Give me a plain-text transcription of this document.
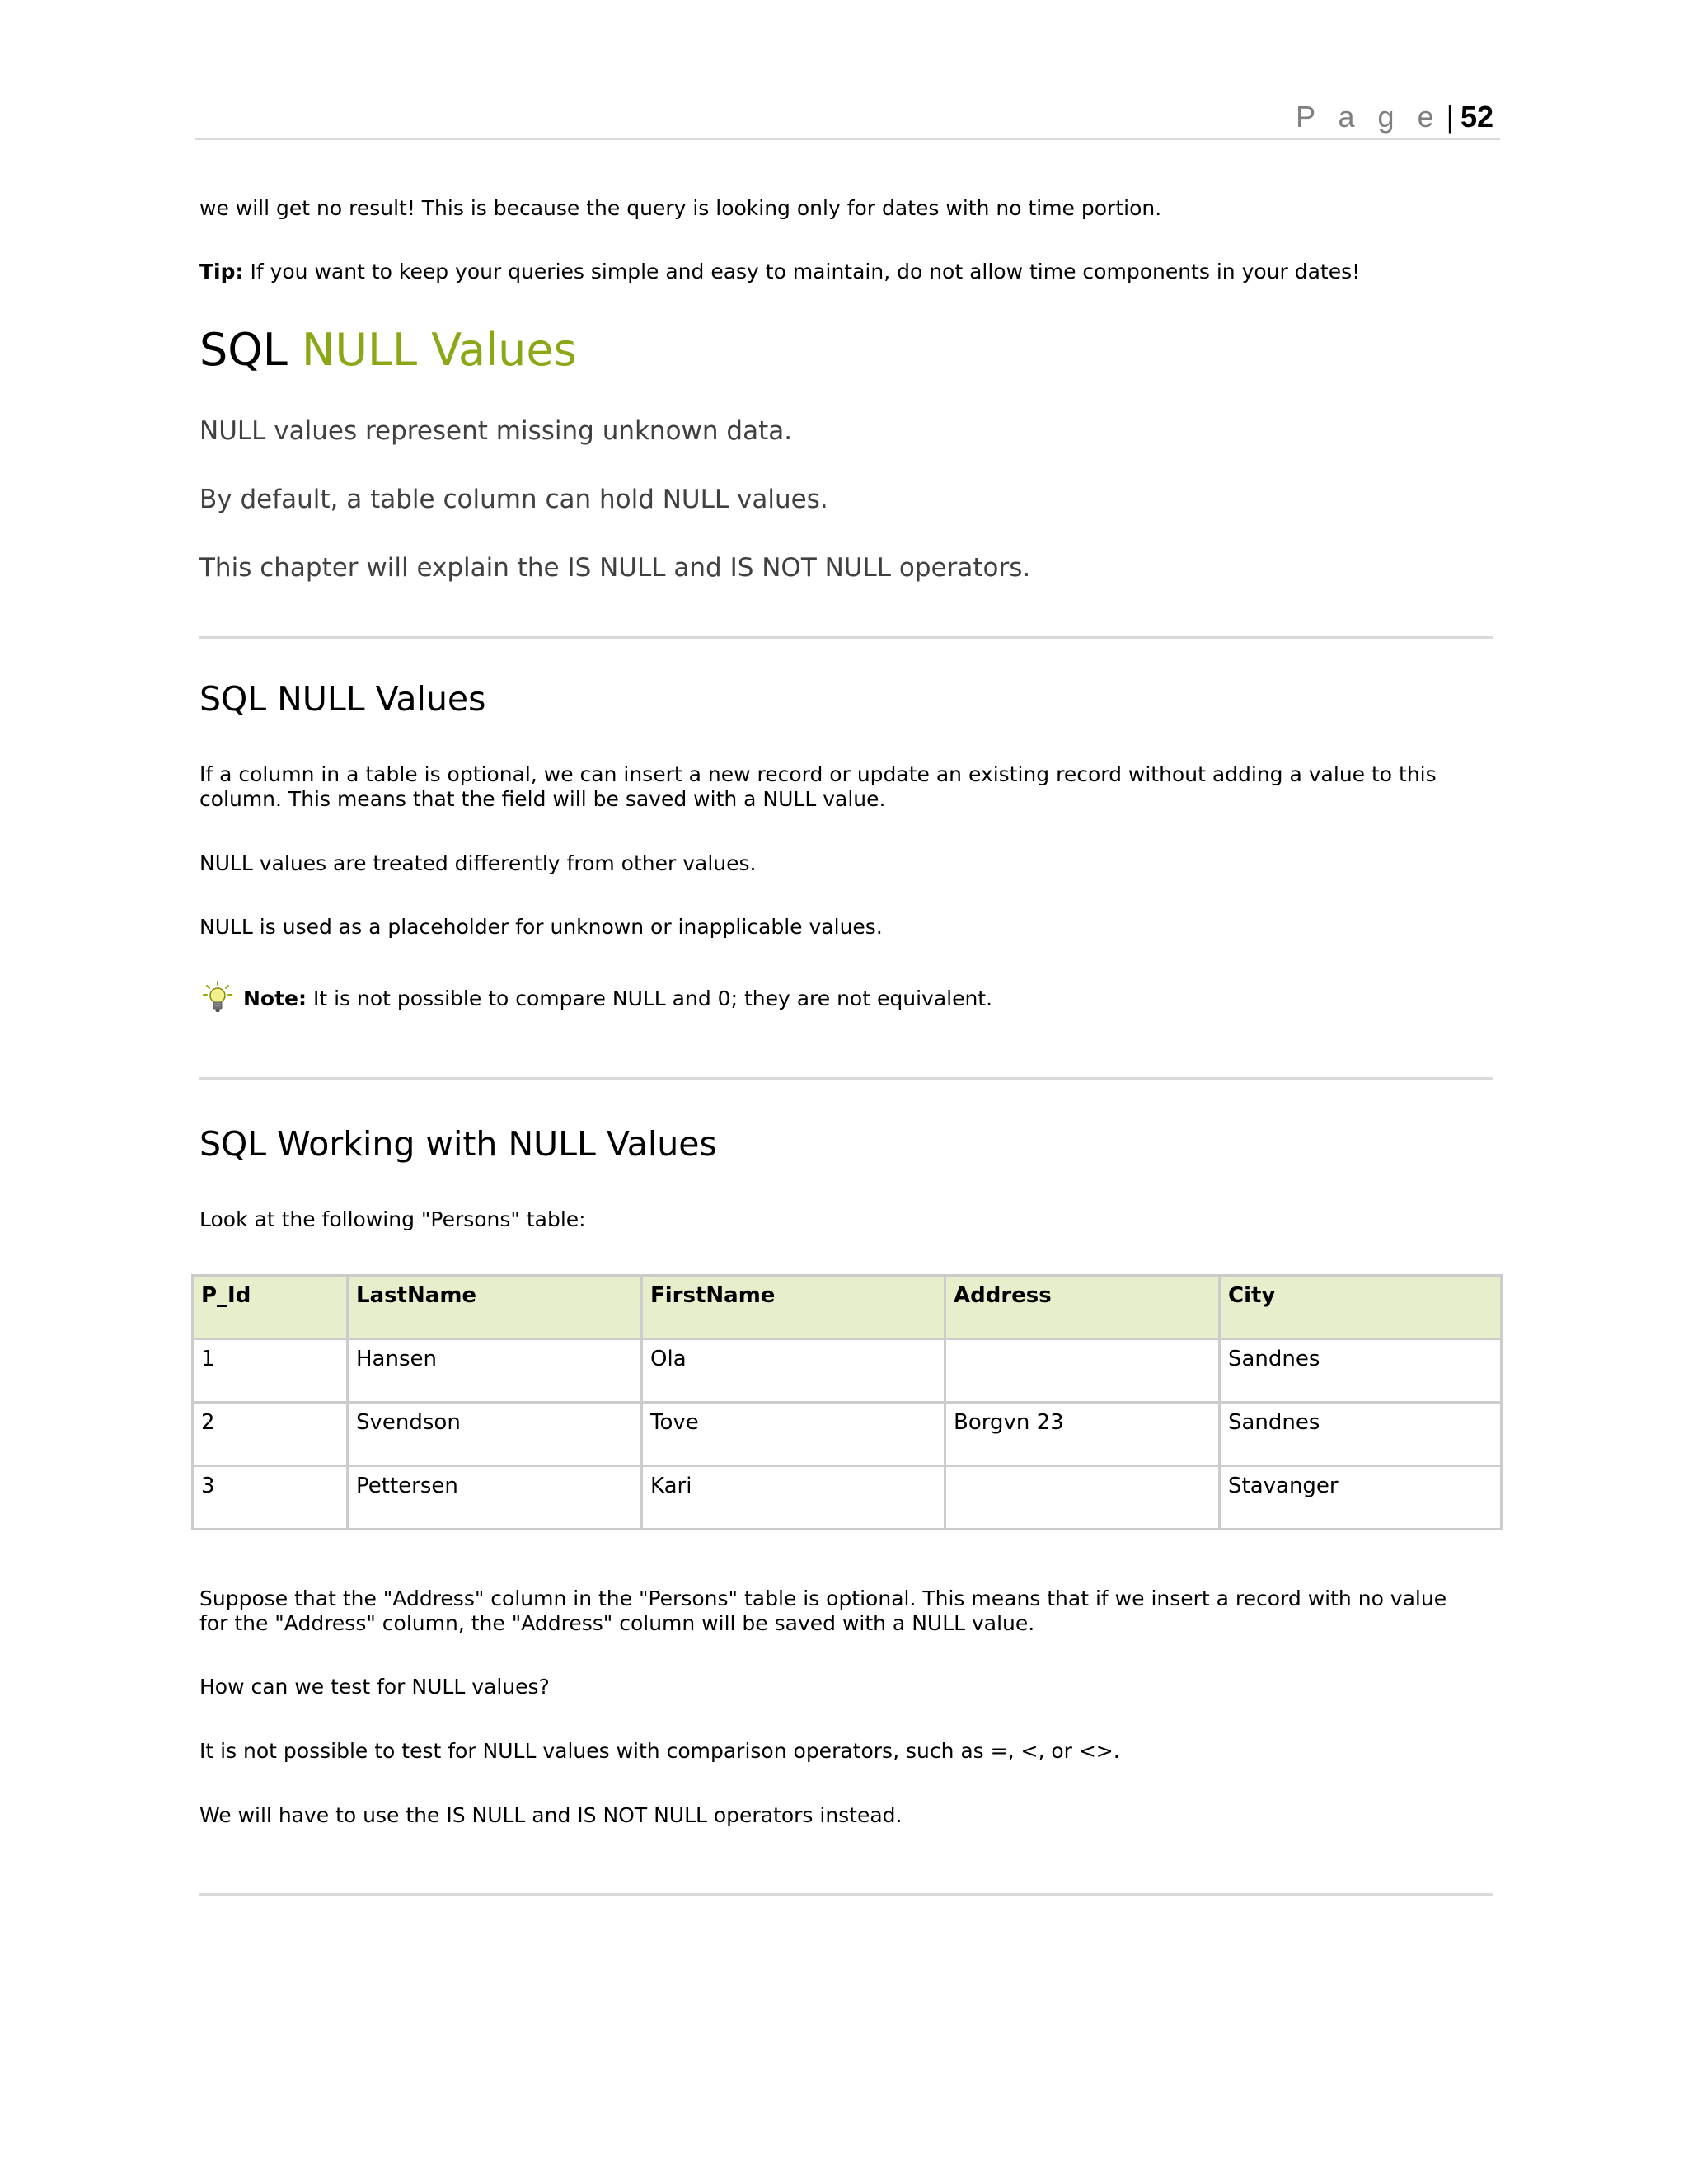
P a g e | 52
we will get no result! This is because the query is looking only for dates with no time portion.
Tip: If you want to keep your queries simple and easy to maintain, do not allow time components in your dates!
SQL NULL Values
NULL values represent missing unknown data.
By default, a table column can hold NULL values.
This chapter will explain the IS NULL and IS NOT NULL operators.
SQL NULL Values
If a column in a table is optional, we can insert a new record or update an existing record without adding a value to this
column. This means that the field will be saved with a NULL value.
NULL values are treated differently from other values.
NULL is used as a placeholder for unknown or inapplicable values.
Note: It is not possible to compare NULL and 0; they are not equivalent.
SQL Working with NULL Values
Look at the following "Persons" table:
P_Id	LastName	FirstName	Address	City
1	Hansen	Ola		Sandnes
2	Svendson	Tove	Borgvn 23	Sandnes
3	Pettersen	Kari		Stavanger
Suppose that the "Address" column in the "Persons" table is optional. This means that if we insert a record with no value
for the "Address" column, the "Address" column will be saved with a NULL value.
How can we test for NULL values?
It is not possible to test for NULL values with comparison operators, such as =, <, or <>.
We will have to use the IS NULL and IS NOT NULL operators instead.
